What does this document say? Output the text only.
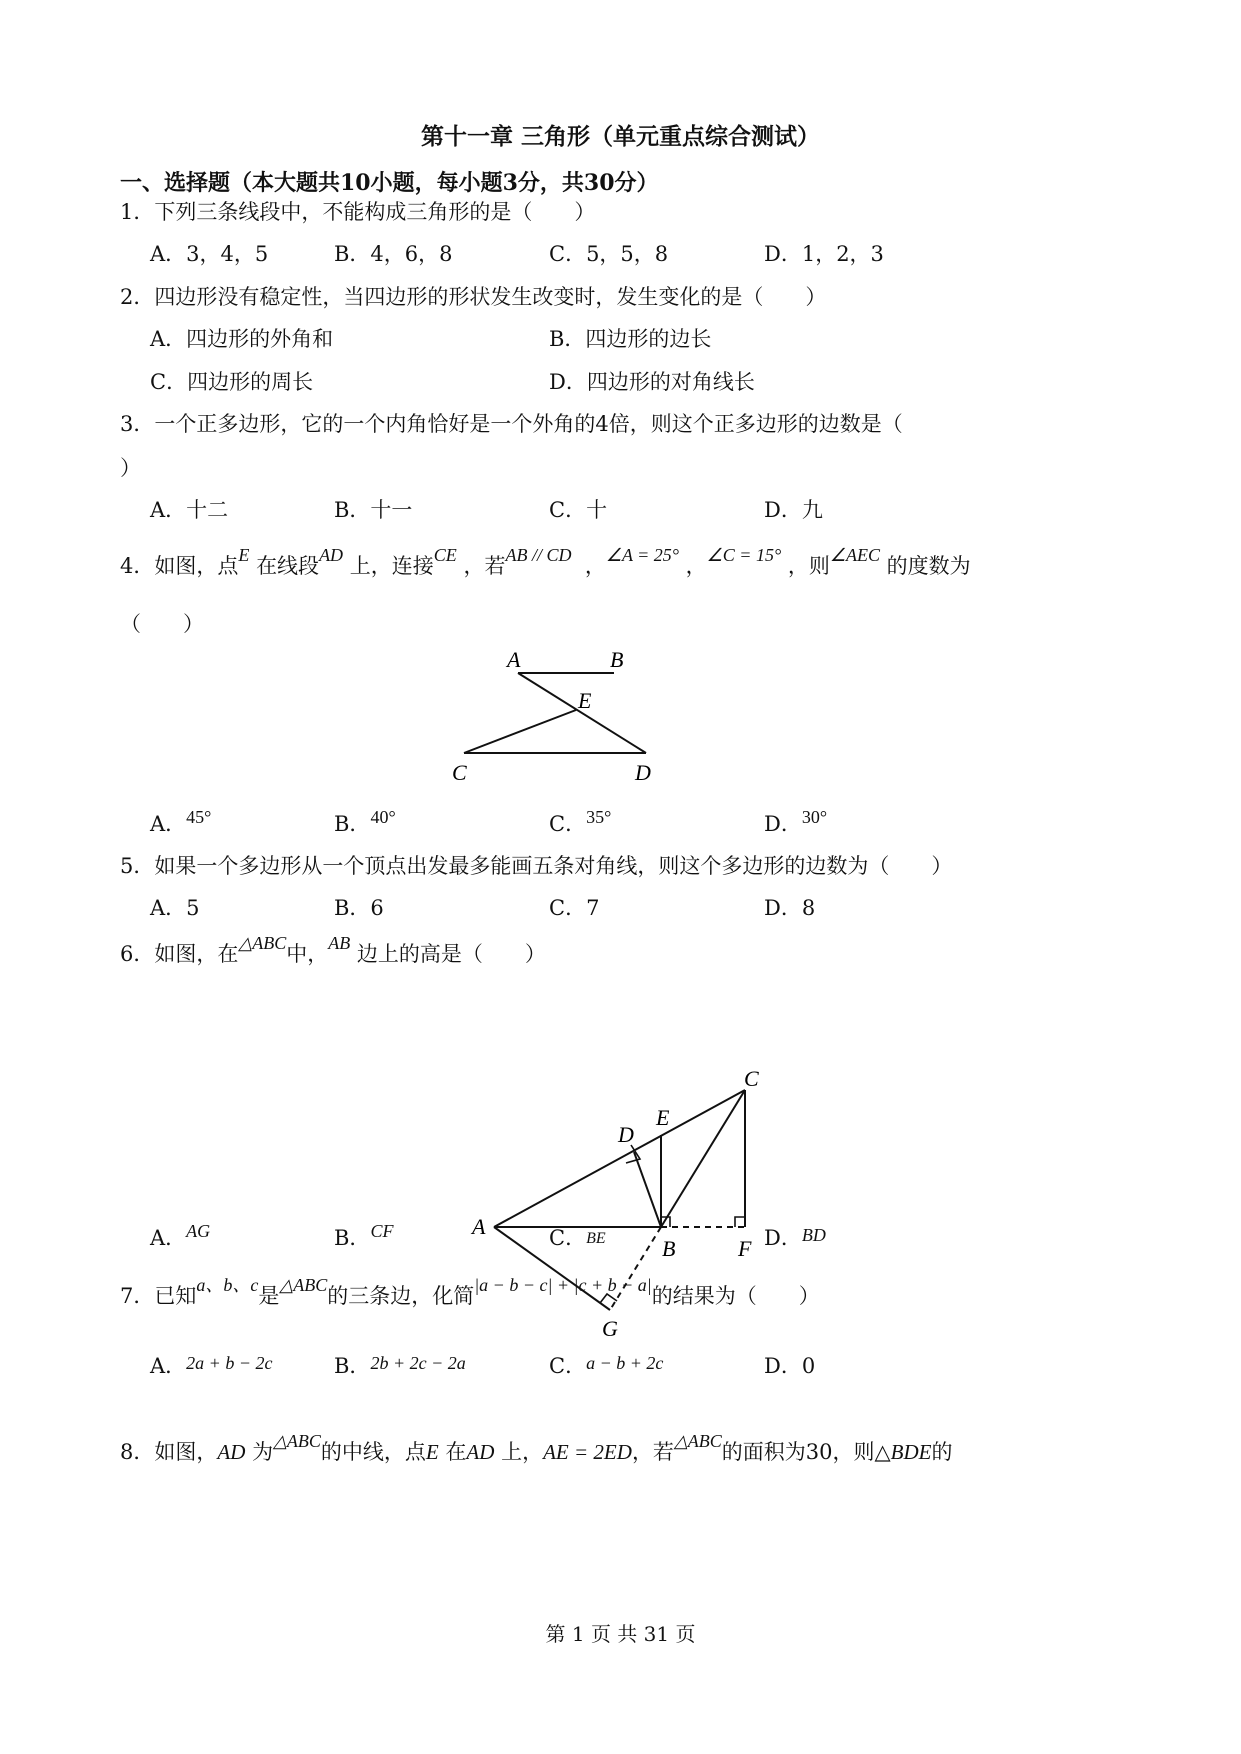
第十一章 三角形（单元重点综合测试）
一、选择题（本大题共10小题，每小题3分，共30分）
1．下列三条线段中，不能构成三角形的是（　　）
A．3，4，5	B．4，6，8	C．5，5，8	D．1，2，3
2．四边形没有稳定性，当四边形的形状发生改变时，发生变化的是（　　）
A．四边形的外角和	B．四边形的边长
C．四边形的周长	D．四边形的对角线长
3．一个正多边形，它的一个内角恰好是一个外角的4倍，则这个正多边形的边数是（
）
A．十二	B．十一	C．十	D．九
4．如图，点E 在线段AD 上，连接CE ，若AB // CD ，∠A = 25° ，∠C = 15° ，则∠AEC 的度数为
（　　）
A	B
E
C	D
A．45°	B．40°	C．35°	D．30°
5．如果一个多边形从一个顶点出发最多能画五条对角线，则这个多边形的边数为（　　）
A．5	B．6	C．7	D．8
6．如图，在△ABC中，AB 边上的高是（　　）
A
B
C
D
E
F
G
A．AG	B．CF	C．BE	D．BD
7．已知a、b、c是△ABC的三条边，化简|a − b − c| + |c + b − a|的结果为（　　）
A．2a + b − 2c	B．2b + 2c − 2a	C．a − b + 2c	D．0
8．如图，AD 为△ABC的中线，点E 在AD 上，AE = 2ED，若△ABC的面积为30，则△BDE的
第 1 页 共 31 页
